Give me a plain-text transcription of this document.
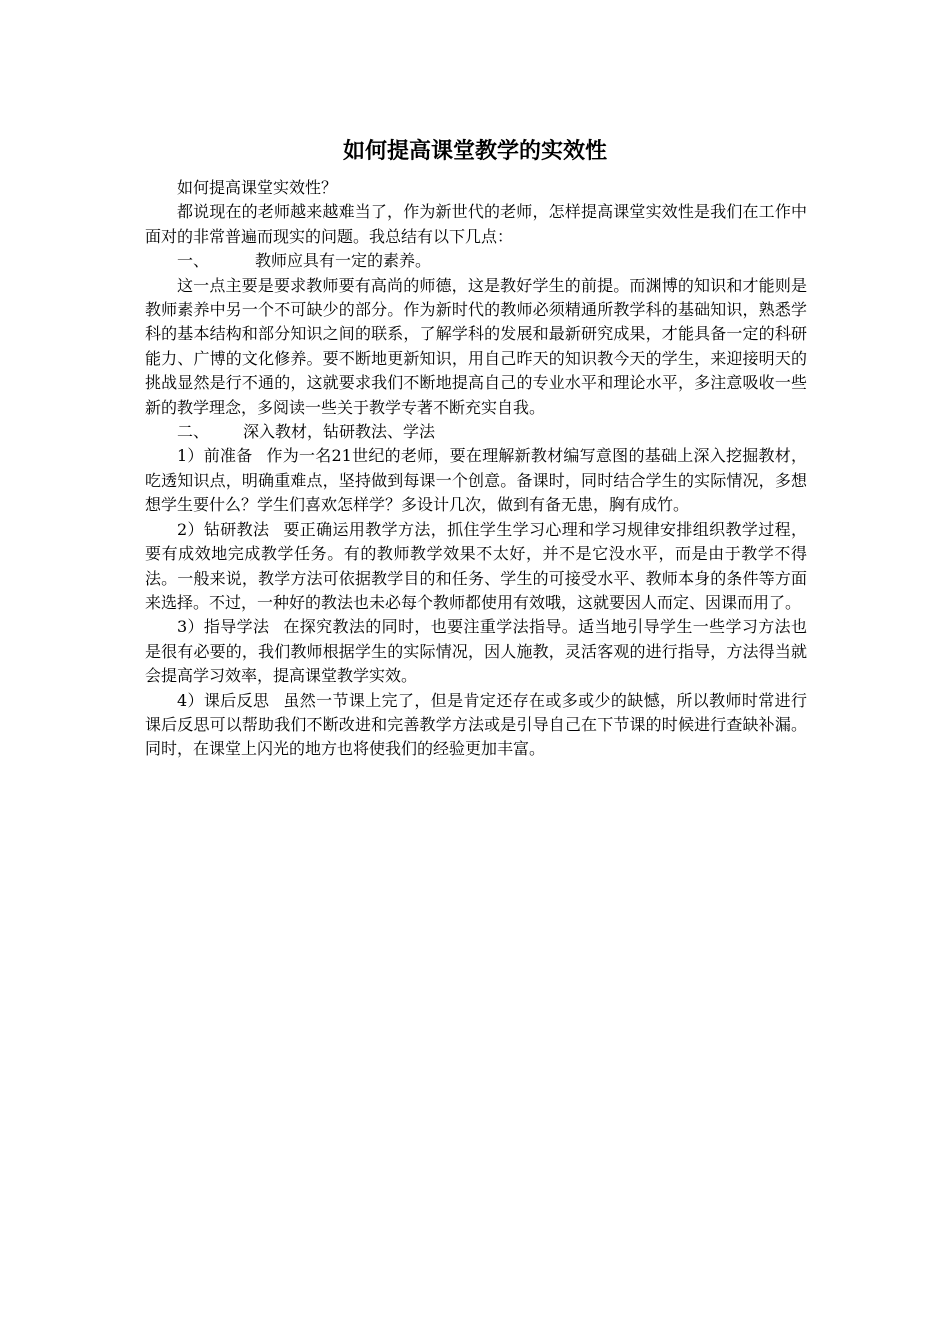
如何提高课堂教学的实效性

如何提高课堂实效性？

都说现在的老师越来越难当了，作为新世代的老师，怎样提高课堂实效性是我们在工作中面对的非常普遍而现实的问题。我总结有以下几点：

一、	教师应具有一定的素养。

这一点主要是要求教师要有高尚的师德，这是教好学生的前提。而渊博的知识和才能则是教师素养中另一个不可缺少的部分。作为新时代的教师必须精通所教学科的基础知识，熟悉学科的基本结构和部分知识之间的联系，了解学科的发展和最新研究成果，才能具备一定的科研能力、广博的文化修养。要不断地更新知识，用自己昨天的知识教今天的学生，来迎接明天的挑战显然是行不通的，这就要求我们不断地提高自己的专业水平和理论水平，多注意吸收一些新的教学理念，多阅读一些关于教学专著不断充实自我。

二、	深入教材，钻研教法、学法

1）前准备 作为一名21世纪的老师，要在理解新教材编写意图的基础上深入挖掘教材，吃透知识点，明确重难点，坚持做到每课一个创意。备课时，同时结合学生的实际情况，多想想学生要什么？学生们喜欢怎样学？多设计几次，做到有备无患，胸有成竹。

2）钻研教法 要正确运用教学方法，抓住学生学习心理和学习规律安排组织教学过程，要有成效地完成教学任务。有的教师教学效果不太好，并不是它没水平，而是由于教学不得法。一般来说，教学方法可依据教学目的和任务、学生的可接受水平、教师本身的条件等方面来选择。不过，一种好的教法也未必每个教师都使用有效哦，这就要因人而定、因课而用了。

3）指导学法 在探究教法的同时，也要注重学法指导。适当地引导学生一些学习方法也是很有必要的，我们教师根据学生的实际情况，因人施教，灵活客观的进行指导，方法得当就会提高学习效率，提高课堂教学实效。

4）课后反思 虽然一节课上完了，但是肯定还存在或多或少的缺憾，所以教师时常进行课后反思可以帮助我们不断改进和完善教学方法或是引导自己在下节课的时候进行查缺补漏。同时，在课堂上闪光的地方也将使我们的经验更加丰富。
